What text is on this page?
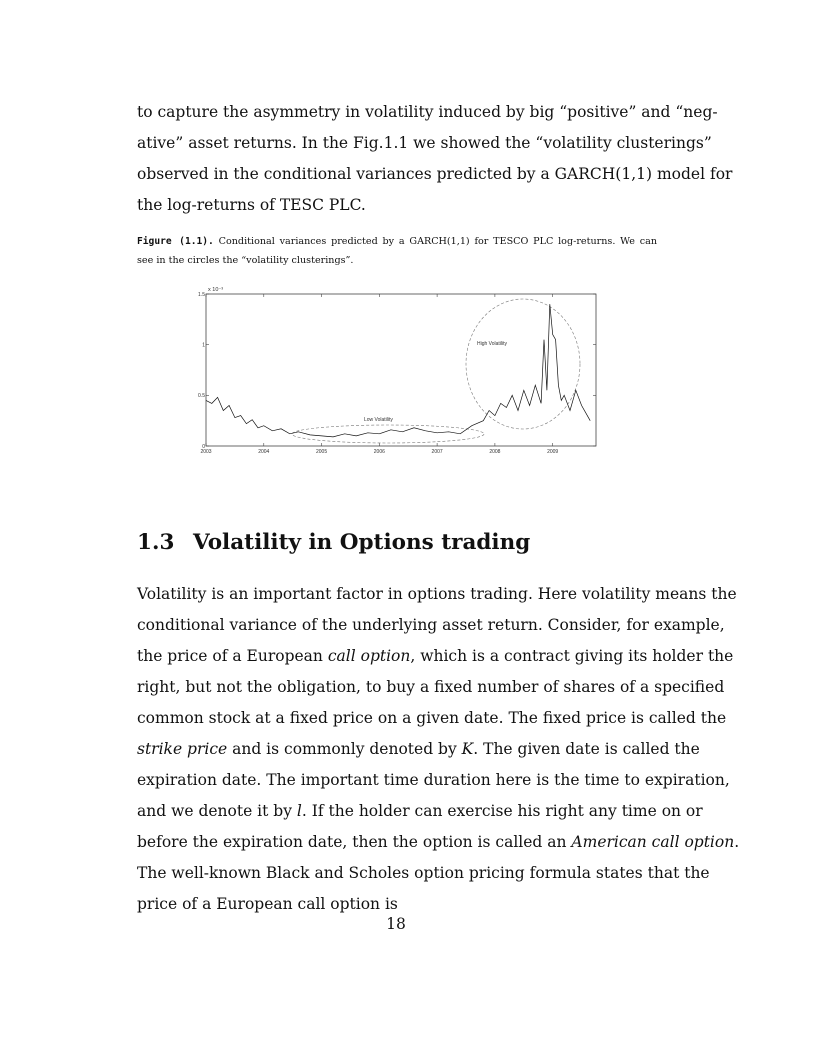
to capture the asymmetry in volatility induced by big “positive” and “neg-
ative” asset returns. In the Fig.1.1 we showed the “volatility clusterings”
observed in the conditional variances predicted by a GARCH(1,1) model for
the log-returns of TESC PLC.

Figure (1.1). Conditional variances predicted by a GARCH(1,1) for TESCO PLC log-returns. We can
see in the circles the “volatility clusterings”.

x 10⁻³
0
0.5
1
1.5
2003	2004	2005	2006	2007	2008	2009
High Volatility
Low Volatility
1.3 Volatility in Options trading

Volatility is an important factor in options trading. Here volatility means the
conditional variance of the underlying asset return. Consider, for example,
the price of a European call option, which is a contract giving its holder the
right, but not the obligation, to buy a fixed number of shares of a specified
common stock at a fixed price on a given date. The fixed price is called the
strike price and is commonly denoted by K. The given date is called the
expiration date. The important time duration here is the time to expiration,
and we denote it by l. If the holder can exercise his right any time on or
before the expiration date, then the option is called an American call option.
The well-known Black and Scholes option pricing formula states that the
price of a European call option is

18
